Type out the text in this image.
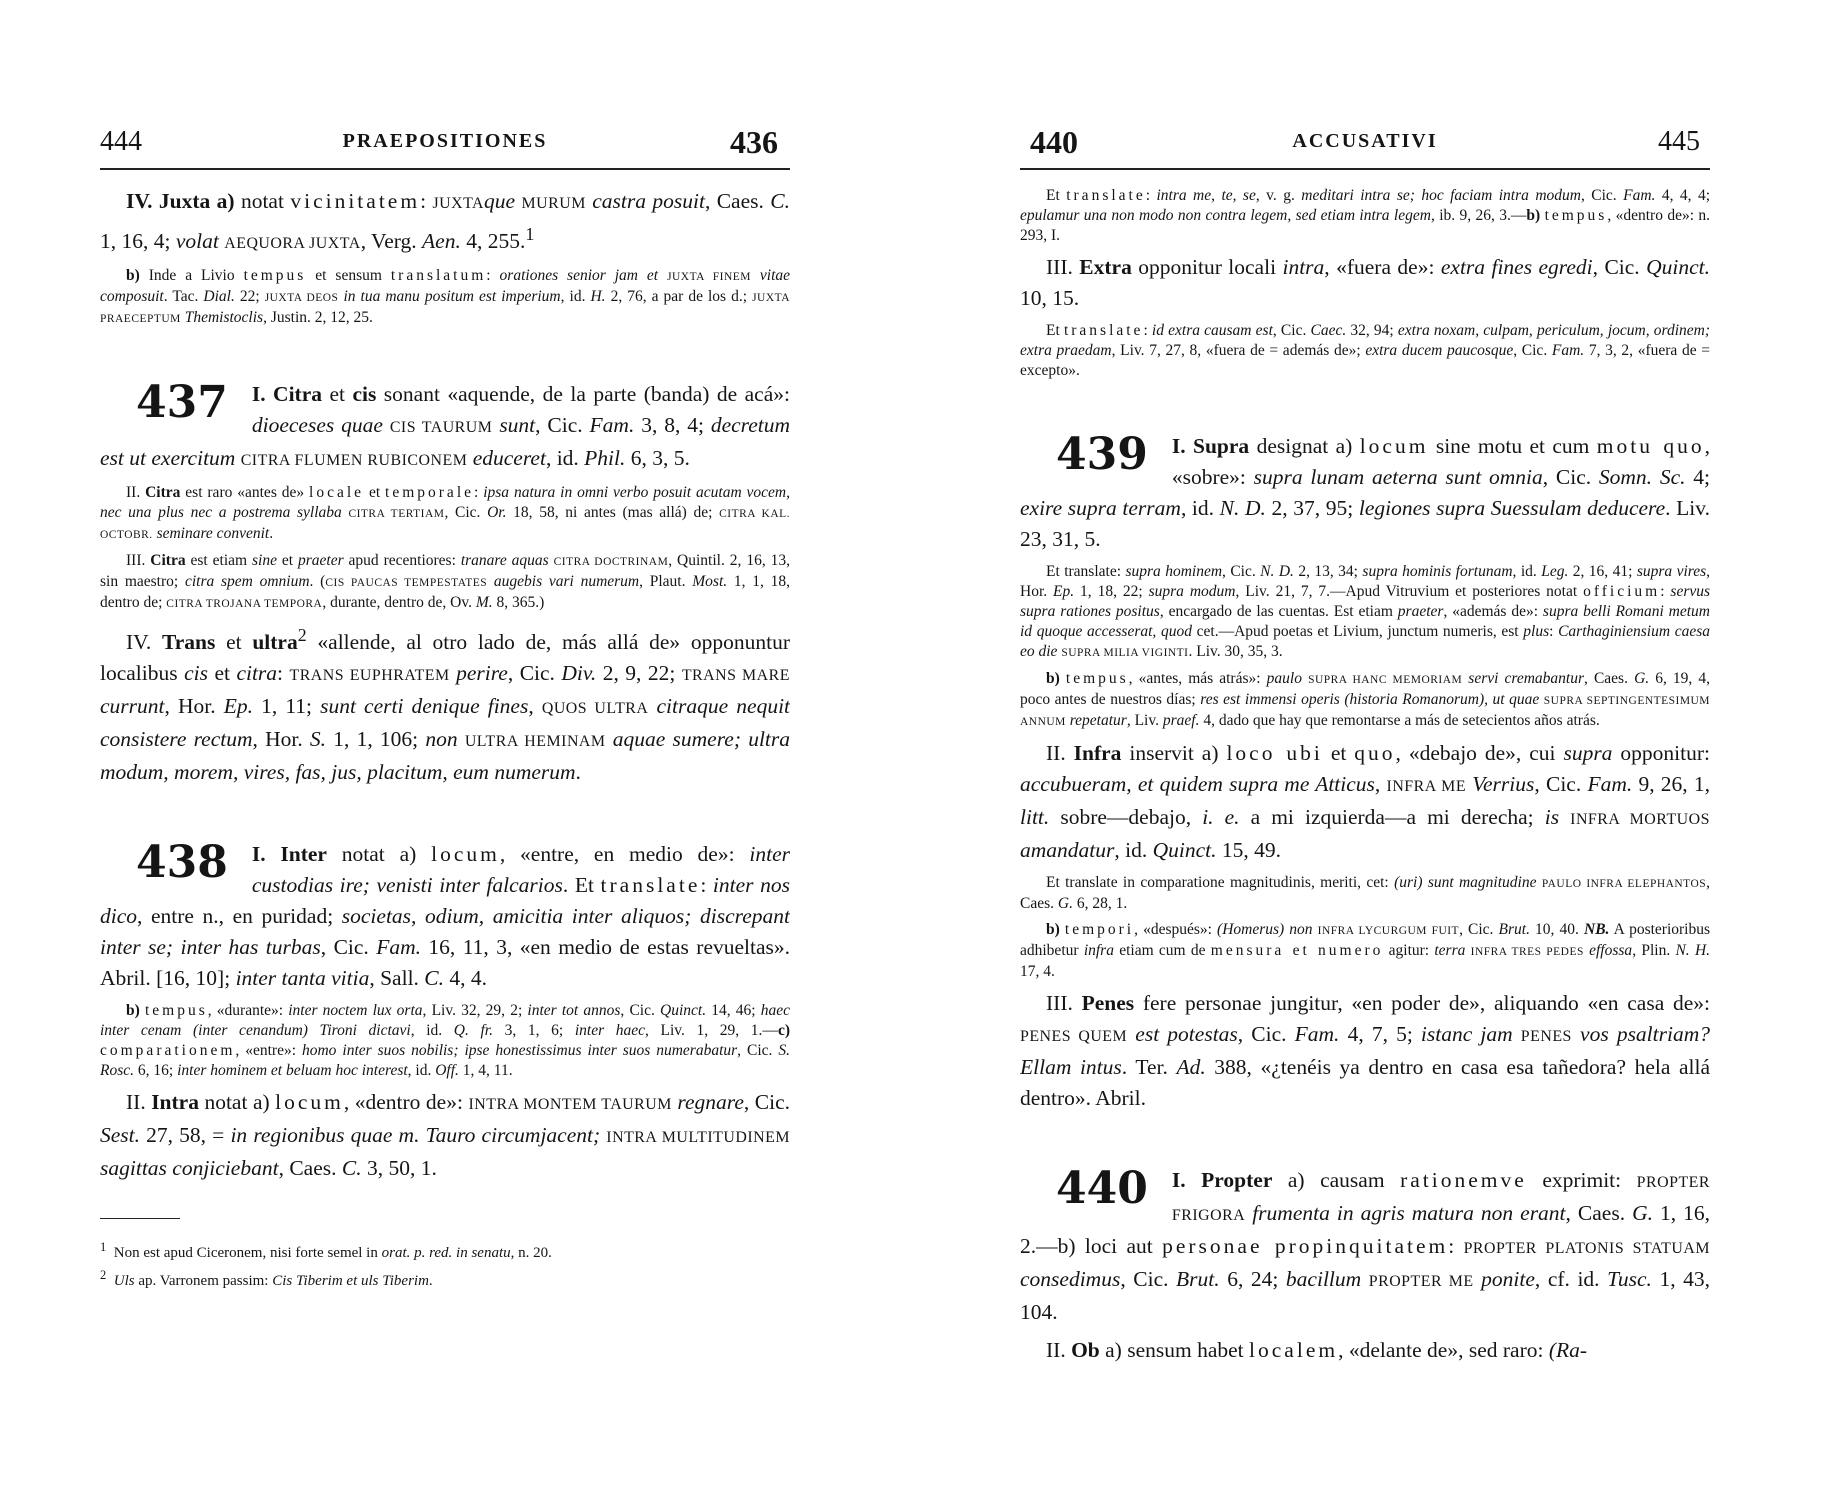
444	PRAEPOSITIONES	436

IV. Juxta a) notat vicinitatem: JUXTAque MURUM castra posuit, Caes. C. 1, 16, 4; volat AEQUORA JUXTA, Verg. Aen. 4, 255.$^1$

b) Inde a Livio tempus et sensum translatum: orationes senior jam et JUXTA FINEM vitae composuit. Tac. Dial. 22; JUXTA DEOS in tua manu positum est imperium, id. H. 2, 76, a par de los d.; JUXTA PRAECEPTUM Themistoclis, Justin. 2, 12, 25.

437 I. Citra et cis sonant «aquende, de la parte (banda) de acá»: dioeceses quae CIS TAURUM sunt, Cic. Fam. 3, 8, 4; decretum est ut exercitum CITRA FLUMEN RUBICONEM educeret, id. Phil. 6, 3, 5.

II. Citra est raro «antes de» locale et temporale: ipsa natura in omni verbo posuit acutam vocem, nec una plus nec a postrema syllaba CITRA TERTIAM, Cic. Or. 18, 58, ni antes (mas allá) de; CITRA KAL. OCTOBR. seminare convenit.

III. Citra est etiam sine et praeter apud recentiores: tranare aquas CITRA DOCTRINAM, Quintil. 2, 16, 13, sin maestro; citra spem omnium. (CIS PAUCAS TEMPESTATES augebis vari numerum, Plaut. Most. 1, 1, 18, dentro de; CITRA TROJANA TEMPORA, durante, dentro de, Ov. M. 8, 365.)

IV. Trans et ultra$^2$ «allende, al otro lado de, más allá de» opponuntur localibus cis et citra: TRANS EUPHRATEM perire, Cic. Div. 2, 9, 22; TRANS MARE currunt, Hor. Ep. 1, 11; sunt certi denique fines, QUOS ULTRA citraque nequit consistere rectum, Hor. S. 1, 1, 106; non ULTRA HEMINAM aquae sumere; ultra modum, morem, vires, fas, jus, placitum, eum numerum.

438 I. Inter notat a) locum, «entre, en medio de»: inter custodias ire; venisti inter falcarios. Et translate: inter nos dico, entre n., en puridad; societas, odium, amicitia inter aliquos; discrepant inter se; inter has turbas, Cic. Fam. 16, 11, 3, «en medio de estas revueltas». Abril. [16, 10]; inter tanta vitia, Sall. C. 4, 4.

b) tempus, «durante»: inter noctem lux orta, Liv. 32, 29, 2; inter tot annos, Cic. Quinct. 14, 46; haec inter cenam (inter cenandum) Tironi dictavi, id. Q. fr. 3, 1, 6; inter haec, Liv. 1, 29, 1.—c) comparationem, «entre»: homo inter suos nobilis; ipse honestissimus inter suos numerabatur, Cic. S. Rosc. 6, 16; inter hominem et beluam hoc interest, id. Off. 1, 4, 11.

II. Intra notat a) locum, «dentro de»: INTRA MONTEM TAURUM regnare, Cic. Sest. 27, 58, = in regionibus quae m. Tauro circumjacent; INTRA MULTITUDINEM sagittas conjiciebant, Caes. C. 3, 50, 1.

$^1$  Non est apud Ciceronem, nisi forte semel in orat. p. red. in senatu, n. 20.

$^2$ Uls ap. Varronem passim: Cis Tiberim et uls Tiberim.

440	ACCUSATIVI	445

Et translate: intra me, te, se, v. g. meditari intra se; hoc faciam intra modum, Cic. Fam. 4, 4, 4; epulamur una non modo non contra legem, sed etiam intra legem, ib. 9, 26, 3.—b) tempus, «dentro de»: n. 293, I.

III. Extra opponitur locali intra, «fuera de»: extra fines egredi, Cic. Quinct. 10, 15.

Et translate: id extra causam est, Cic. Caec. 32, 94; extra noxam, culpam, periculum, jocum, ordinem; extra praedam, Liv. 7, 27, 8, «fuera de = además de»; extra ducem paucosque, Cic. Fam. 7, 3, 2, «fuera de = excepto».

439 I. Supra designat a) locum sine motu et cum motu quo, «sobre»: supra lunam aeterna sunt omnia, Cic. Somn. Sc. 4; exire supra terram, id. N. D. 2, 37, 95; legiones supra Suessulam deducere. Liv. 23, 31, 5.

Et translate: supra hominem, Cic. N. D. 2, 13, 34; supra hominis fortunam, id. Leg. 2, 16, 41; supra vires, Hor. Ep. 1, 18, 22; supra modum, Liv. 21, 7, 7.—Apud Vitruvium et posteriores notat officium: servus supra rationes positus, encargado de las cuentas. Est etiam praeter, «además de»: supra belli Romani metum id quoque accesserat, quod cet.—Apud poetas et Livium, junctum numeris, est plus: Carthaginiensium caesa eo die SUPRA MILIA VIGINTI. Liv. 30, 35, 3.

b) tempus, «antes, más atrás»: paulo SUPRA HANC MEMORIAM servi cremabantur, Caes. G. 6, 19, 4, poco antes de nuestros días; res est immensi operis (historia Romanorum), ut quae SUPRA SEPTINGENTESIMUM ANNUM repetatur, Liv. praef. 4, dado que hay que remontarse a más de setecientos años atrás.

II. Infra inservit a) loco ubi et quo, «debajo de», cui supra opponitur: accubueram, et quidem supra me Atticus, INFRA ME Verrius, Cic. Fam. 9, 26, 1, litt. sobre—debajo, i. e. a mi izquierda—a mi derecha; is INFRA MORTUOS amandatur, id. Quinct. 15, 49.

Et translate in comparatione magnitudinis, meriti, cet: (uri) sunt magnitudine PAULO INFRA ELEPHANTOS, Caes. G. 6, 28, 1.

b) tempori, «después»: (Homerus) non INFRA LYCURGUM FUIT, Cic. Brut. 10, 40. NB. A posterioribus adhibetur infra etiam cum de mensura et numero agitur: terra INFRA TRES PEDES effossa, Plin. N. H. 17, 4.

III. Penes fere personae jungitur, «en poder de», aliquando «en casa de»: PENES QUEM est potestas, Cic. Fam. 4, 7, 5; istanc jam PENES vos psaltriam? Ellam intus. Ter. Ad. 388, «¿tenéis ya dentro en casa esa tañedora? hela allá dentro». Abril.

440 I. Propter a) causam rationemve exprimit: PROPTER FRIGORA frumenta in agris matura non erant, Caes. G. 1, 16, 2.—b) loci aut personae propinquitatem: PROPTER PLATONIS STATUAM consedimus, Cic. Brut. 6, 24; bacillum PROPTER ME ponite, cf. id. Tusc. 1, 43, 104.

II. Ob a) sensum habet localem, «delante de», sed raro: (Ra-
